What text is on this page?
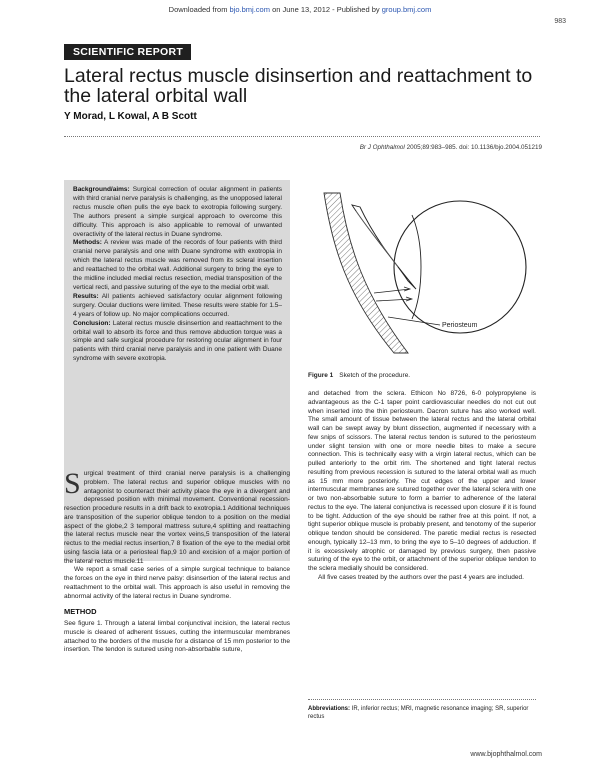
Downloaded from bjo.bmj.com on June 13, 2012 - Published by group.bmj.com
983
SCIENTIFIC REPORT
Lateral rectus muscle disinsertion and reattachment to the lateral orbital wall
Y Morad, L Kowal, A B Scott
Br J Ophthalmol 2005;89:983–985. doi: 10.1136/bjo.2004.051219

Background/aims: Surgical correction of ocular alignment in patients with third cranial nerve paralysis is challenging, as the unopposed lateral rectus muscle often pulls the eye back to exotropia following surgery. The authors present a simple surgical approach to overcome this difficulty. This approach is also applicable to removal of unwanted overactivity of the lateral rectus in Duane syndrome.

Methods: A review was made of the records of four patients with third cranial nerve paralysis and one with Duane syndrome with exotropia in which the lateral rectus muscle was removed from its scleral insertion and reattached to the orbital wall. Additional surgery to bring the eye to the midline included medial rectus resection, medial transposition of the vertical recti, and passive suturing of the eye to the medial orbit wall.

Results: All patients achieved satisfactory ocular alignment following surgery. Ocular ductions were limited. These results were stable for 1.5–4 years of follow up. No major complications occurred.

Conclusion: Lateral rectus muscle disinsertion and reattachment to the orbital wall to absorb its force and thus remove abduction torque was a simple and safe surgical procedure for restoring ocular alignment in four patients with third cranial nerve paralysis and in one patient with Duane syndrome with severe exotropia.

Periosteum
Figure 1 Sketch of the procedure.

Surgical treatment of third cranial nerve paralysis is a challenging problem. The lateral rectus and superior oblique muscles with no antagonist to counteract their activity place the eye in a divergent and depressed position with minimal movement. Conventional recession-resection procedure results in a drift back to exotropia.1 Additional techniques are transposition of the superior oblique tendon to a position on the medial aspect of the globe,2 3 temporal mattress suture,4 splitting and reattaching the lateral rectus muscle near the vortex veins,5 transposition of the lateral rectus to the medial rectus insertion,7 8 fixation of the eye to the medial orbit using fascia lata or a periosteal flap,9 10 and excision of a major portion of the lateral rectus muscle.11

We report a small case series of a simple surgical technique to balance the forces on the eye in third nerve palsy: disinsertion of the lateral rectus and reattachment to the orbital wall. This approach is also useful in removing the abnormal activity of the lateral rectus in Duane syndrome.

METHOD

See figure 1. Through a lateral limbal conjunctival incision, the lateral rectus muscle is cleared of adherent tissues, cutting the intermuscular membranes attached to the borders of the muscle for a distance of 15 mm posterior to the insertion. The tendon is sutured using non-absorbable suture,

and detached from the sclera. Ethicon No 8726, 6-0 polypropylene is advantageous as the C-1 taper point cardiovascular needles do not cut out when inserted into the thin periosteum. Dacron suture has also worked well. The small amount of tissue between the lateral rectus and the lateral orbital wall can be swept away by blunt dissection, augmented if necessary with a few snips of scissors. The lateral rectus tendon is sutured to the periosteum under slight tension with one or more needle bites to make a secure connection. This is technically easy with a virgin lateral rectus, which can be pulled anteriorly to the orbit rim. The shortened and tight lateral rectus resulting from previous recession is sutured to the lateral orbital wall as much as 15 mm more posteriorly. The cut edges of the upper and lower intermuscular membranes are sutured together over the lateral sclera with one or two non-absorbable suture to form a barrier to adherence of the lateral rectus to the eye. The lateral conjunctiva is recessed upon closure if it is found to be tight. Adduction of the eye should be rather free at this point. If not, a tight superior oblique muscle is probably present, and tenotomy of the superior oblique tendon should be considered. The paretic medial rectus is resected enough, typically 12–13 mm, to bring the eye to 5–10 degrees of adduction. If it is excessively atrophic or damaged by previous surgery, then passive suturing of the eye to the orbit, or attachment of the superior oblique tendon to the sclera medially should be considered.

All five cases treated by the authors over the past 4 years are included.

Abbreviations: IR, inferior rectus; MRI, magnetic resonance imaging; SR, superior rectus
www.bjophthalmol.com
